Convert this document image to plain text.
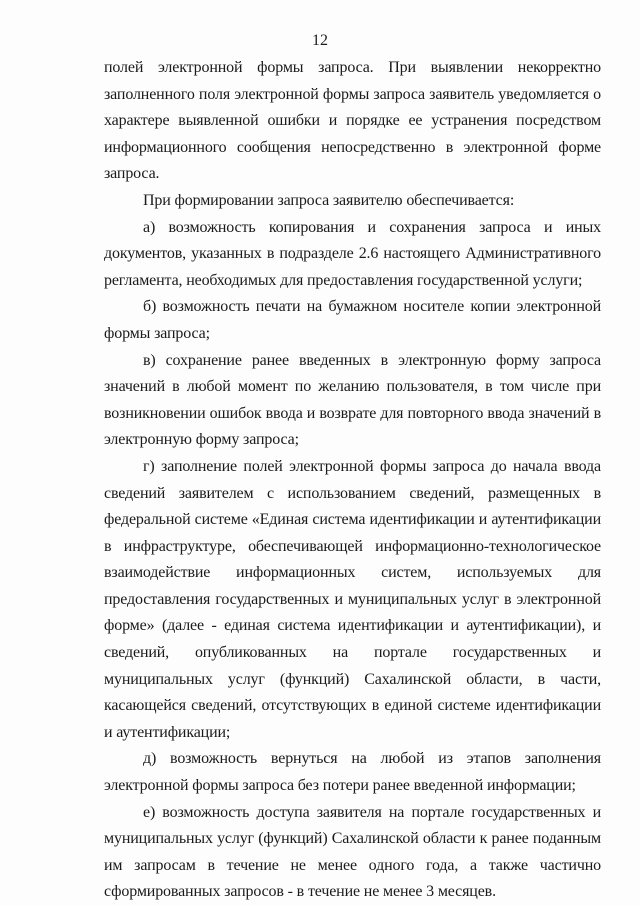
12

полей электронной формы запроса. При выявлении некорректно заполненного поля электронной формы запроса заявитель уведомляется о характере выявленной ошибки и порядке ее устранения посредством информационного сообщения непосредственно в электронной форме запроса.

При формировании запроса заявителю обеспечивается:

а) возможность копирования и сохранения запроса и иных документов, указанных в подразделе 2.6 настоящего Административного регламента, необходимых для предоставления государственной услуги;

б) возможность печати на бумажном носителе копии электронной формы запроса;

в) сохранение ранее введенных в электронную форму запроса значений в любой момент по желанию пользователя, в том числе при возникновении ошибок ввода и возврате для повторного ввода значений в электронную форму запроса;

г) заполнение полей электронной формы запроса до начала ввода сведений заявителем с использованием сведений, размещенных в федеральной системе «Единая система идентификации и аутентификации в инфраструктуре, обеспечивающей информационно-технологическое взаимодействие информационных систем, используемых для предоставления государственных и муниципальных услуг в электронной форме» (далее - единая система идентификации и аутентификации), и сведений, опубликованных на портале государственных и муниципальных услуг (функций) Сахалинской области, в части, касающейся сведений, отсутствующих в единой системе идентификации и аутентификации;

д) возможность вернуться на любой из этапов заполнения электронной формы запроса без потери ранее введенной информации;

е) возможность доступа заявителя на портале государственных и муниципальных услуг (функций) Сахалинской области к ранее поданным им запросам в течение не менее одного года, а также частично сформированных запросов - в течение не менее 3 месяцев.
